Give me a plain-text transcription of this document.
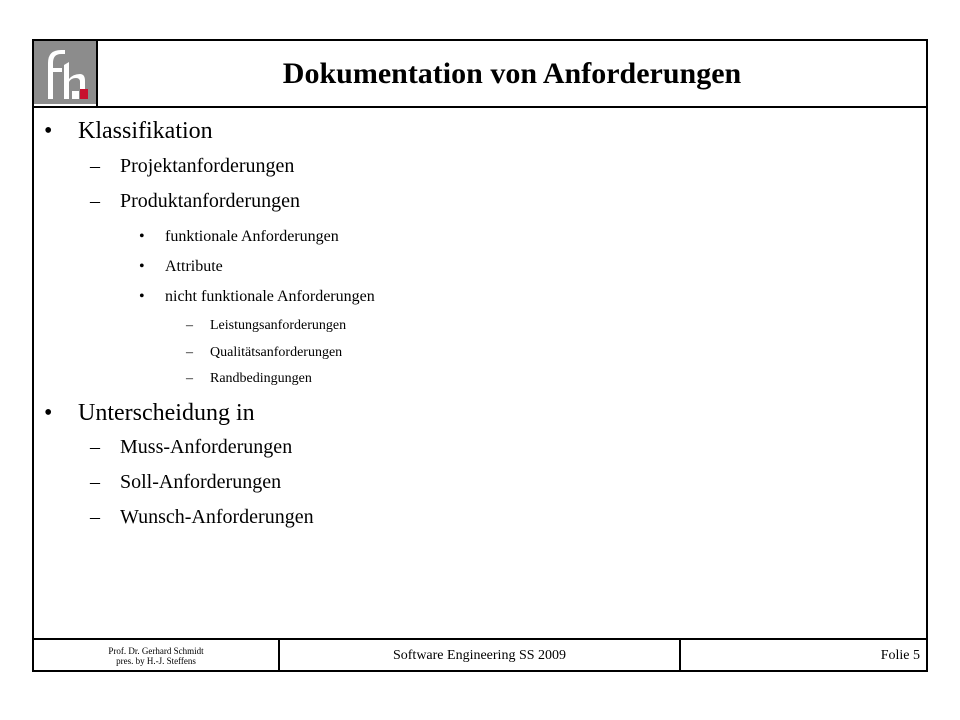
Dokumentation von Anforderungen
• Klassifikation
– Projektanforderungen
– Produktanforderungen
• funktionale Anforderungen
• Attribute
• nicht funktionale Anforderungen
– Leistungsanforderungen
– Qualitätsanforderungen
– Randbedingungen
• Unterscheidung in
– Muss-Anforderungen
– Soll-Anforderungen
– Wunsch-Anforderungen
Prof. Dr. Gerhard Schmidt
pres. by H.-J. Steffens	Software Engineering SS 2009	Folie 5
